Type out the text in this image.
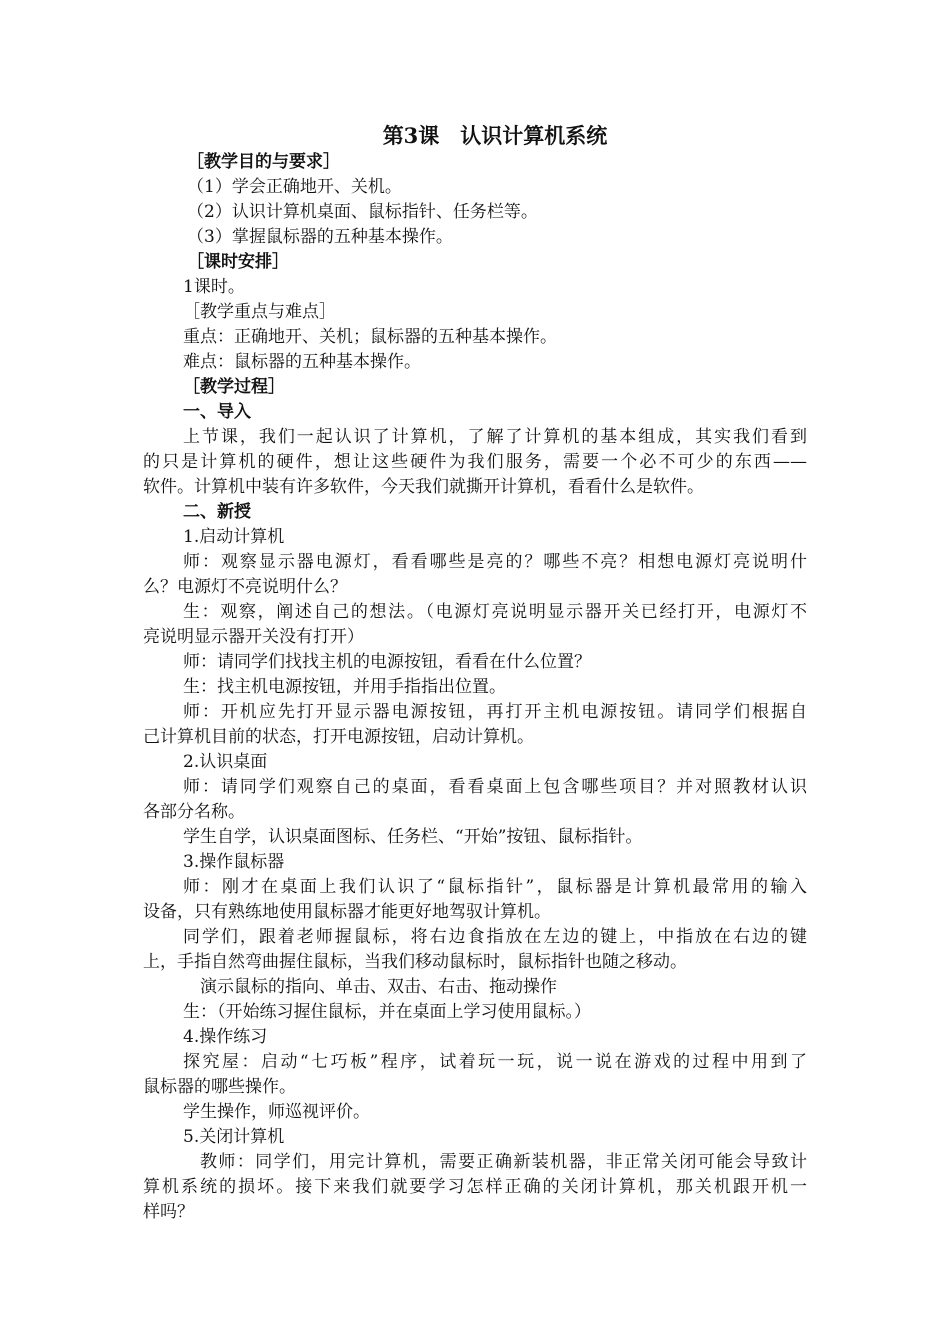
第3课　认识计算机系统
［教学目的与要求］
（1）学会正确地开、关机。
（2）认识计算机桌面、鼠标指针、任务栏等。
（3）掌握鼠标器的五种基本操作。
［课时安排］
1课时。
［教学重点与难点］
重点：正确地开、关机；鼠标器的五种基本操作。
难点：鼠标器的五种基本操作。
［教学过程］
一、导入
上节课，我们一起认识了计算机，了解了计算机的基本组成，其实我们看到
的只是计算机的硬件，想让这些硬件为我们服务，需要一个必不可少的东西——
软件。计算机中装有许多软件，今天我们就撕开计算机，看看什么是软件。
二、新授
1.启动计算机
师：观察显示器电源灯，看看哪些是亮的？哪些不亮？相想电源灯亮说明什
么？电源灯不亮说明什么？
生：观察，阐述自己的想法。（电源灯亮说明显示器开关已经打开，电源灯不
亮说明显示器开关没有打开）
师：请同学们找找主机的电源按钮，看看在什么位置？
生：找主机电源按钮，并用手指指出位置。
师：开机应先打开显示器电源按钮，再打开主机电源按钮。请同学们根据自
己计算机目前的状态，打开电源按钮，启动计算机。
2.认识桌面
师：请同学们观察自己的桌面，看看桌面上包含哪些项目？并对照教材认识
各部分名称。
学生自学，认识桌面图标、任务栏、“开始”按钮、鼠标指针。
3.操作鼠标器
师：刚才在桌面上我们认识了“鼠标指针”，鼠标器是计算机最常用的输入
设备，只有熟练地使用鼠标器才能更好地驾驭计算机。
同学们，跟着老师握鼠标，将右边食指放在左边的键上，中指放在右边的键
上，手指自然弯曲握住鼠标，当我们移动鼠标时，鼠标指针也随之移动。
演示鼠标的指向、单击、双击、右击、拖动操作
生：（开始练习握住鼠标，并在桌面上学习使用鼠标。）
4.操作练习
探究屋：启动“七巧板”程序，试着玩一玩，说一说在游戏的过程中用到了
鼠标器的哪些操作。
学生操作，师巡视评价。
5.关闭计算机
教师：同学们，用完计算机，需要正确新装机器，非正常关闭可能会导致计
算机系统的损坏。接下来我们就要学习怎样正确的关闭计算机，那关机跟开机一
样吗？
